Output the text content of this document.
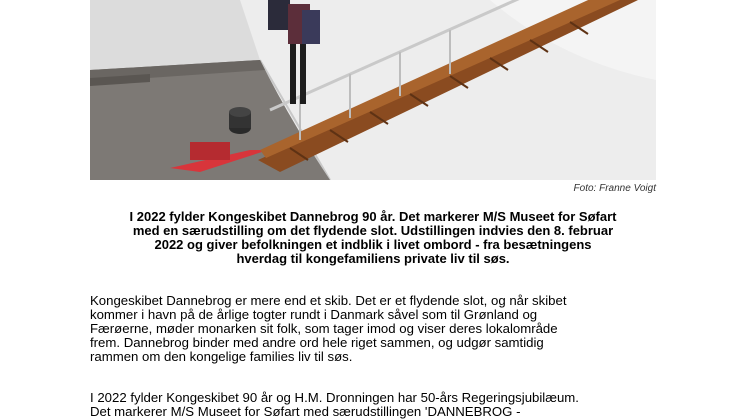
Foto: Franne Voigt
I 2022 fylder Kongeskibet Dannebrog 90 år. Det markerer M/S Museet for Søfart
med en særudstilling om det flydende slot. Udstillingen indvies den 8. februar
2022 og giver befolkningen et indblik i livet ombord - fra besætningens
hverdag til kongefamiliens private liv til søs.
Kongeskibet Dannebrog er mere end et skib. Det er et flydende slot, og når skibet
kommer i havn på de årlige togter rundt i Danmark såvel som til Grønland og
Færøerne, møder monarken sit folk, som tager imod og viser deres lokalområde
frem. Dannebrog binder med andre ord hele riget sammen, og udgør samtidig
rammen om den kongelige families liv til søs.
I 2022 fylder Kongeskibet 90 år og H.M. Dronningen har 50-års Regeringsjubilæum.
Det markerer M/S Museet for Søfart med særudstillingen 'DANNEBROG -
